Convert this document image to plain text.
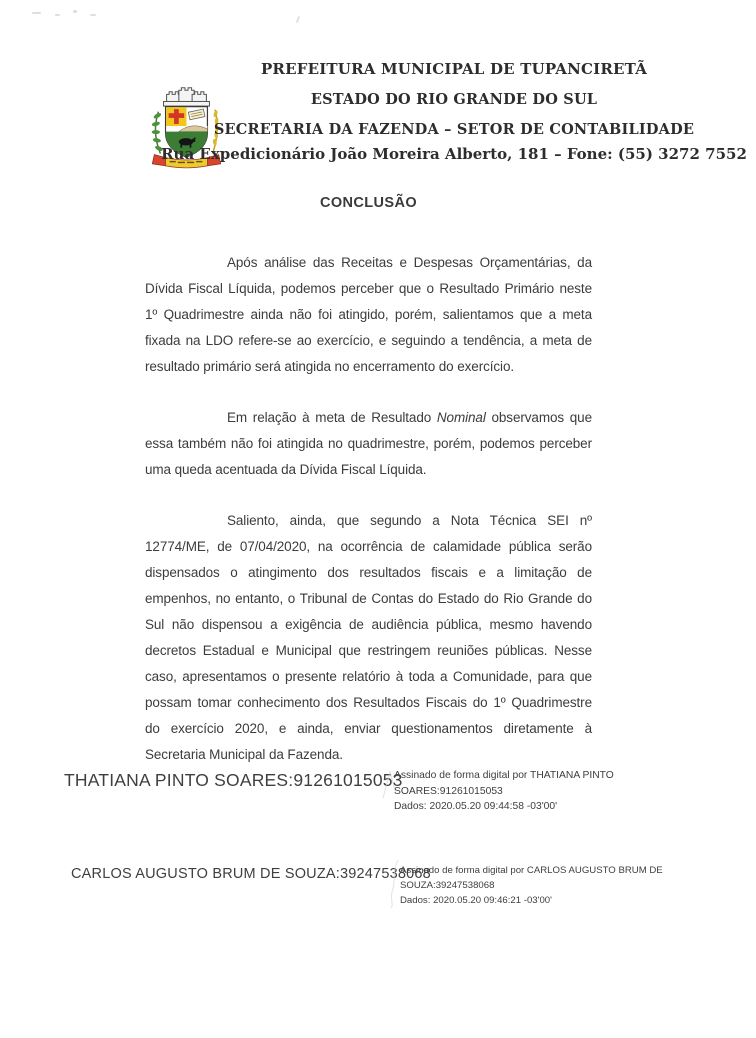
PREFEITURA MUNICIPAL DE TUPANCIRETÃ
ESTADO DO RIO GRANDE DO SUL
SECRETARIA DA FAZENDA – SETOR DE CONTABILIDADE
Rua Expedicionário João Moreira Alberto, 181 – Fone: (55) 3272 7552
CONCLUSÃO

Após análise das Receitas e Despesas Orçamentárias, da Dívida Fiscal Líquida, podemos perceber que o Resultado Primário neste 1º Quadrimestre ainda não foi atingido, porém, salientamos que a meta fixada na LDO refere-se ao exercício, e seguindo a tendência, a meta de resultado primário será atingida no encerramento do exercício.

Em relação à meta de Resultado Nominal observamos que essa também não foi atingida no quadrimestre, porém, podemos perceber uma queda acentuada da Dívida Fiscal Líquida.

Saliento, ainda, que segundo a Nota Técnica SEI nº 12774/ME, de 07/04/2020, na ocorrência de calamidade pública serão dispensados o atingimento dos resultados fiscais e a limitação de empenhos, no entanto, o Tribunal de Contas do Estado do Rio Grande do Sul não dispensou a exigência de audiência pública, mesmo havendo decretos Estadual e Municipal que restringem reuniões públicas. Nesse caso, apresentamos o presente relatório à toda a Comunidade, para que possam tomar conhecimento dos Resultados Fiscais do 1º Quadrimestre do exercício 2020, e ainda, enviar questionamentos diretamente à Secretaria Municipal da Fazenda.

THATIANA PINTO SOARES:91261015053
Assinado de forma digital por THATIANA PINTO SOARES:91261015053
Dados: 2020.05.20 09:44:58 -03'00'
CARLOS AUGUSTO BRUM DE SOUZA:39247538068
Assinado de forma digital por CARLOS AUGUSTO BRUM DE SOUZA:39247538068
Dados: 2020.05.20 09:46:21 -03'00'
